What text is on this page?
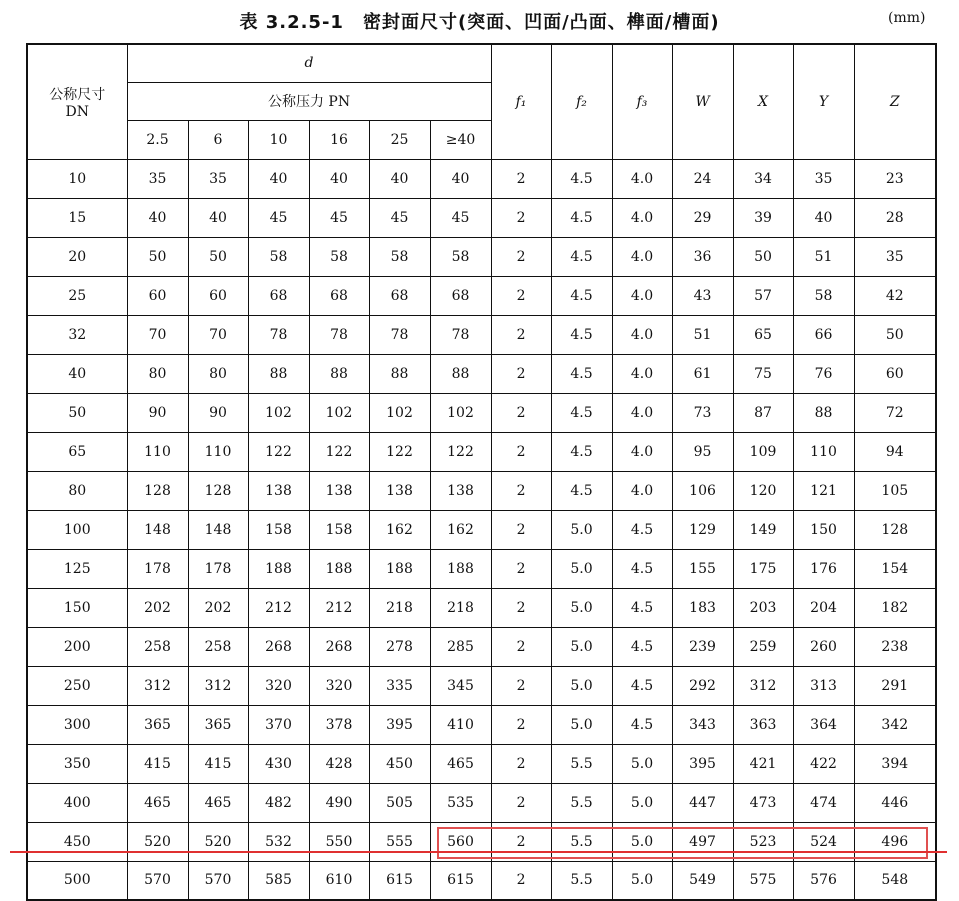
表 3.2.5-1　密封面尺寸(突面、凹面/凸面、榫面/槽面)	(mm)
公称尺寸
DN	d						f₁	f₂	f₃	W	X	Y	Z
	公称压力 PN												
	2.5	6	10	16	25	≥40							
10	35	35	40	40	40	40	2	4.5	4.0	24	34	35	23
15	40	40	45	45	45	45	2	4.5	4.0	29	39	40	28
20	50	50	58	58	58	58	2	4.5	4.0	36	50	51	35
25	60	60	68	68	68	68	2	4.5	4.0	43	57	58	42
32	70	70	78	78	78	78	2	4.5	4.0	51	65	66	50
40	80	80	88	88	88	88	2	4.5	4.0	61	75	76	60
50	90	90	102	102	102	102	2	4.5	4.0	73	87	88	72
65	110	110	122	122	122	122	2	4.5	4.0	95	109	110	94
80	128	128	138	138	138	138	2	4.5	4.0	106	120	121	105
100	148	148	158	158	162	162	2	5.0	4.5	129	149	150	128
125	178	178	188	188	188	188	2	5.0	4.5	155	175	176	154
150	202	202	212	212	218	218	2	5.0	4.5	183	203	204	182
200	258	258	268	268	278	285	2	5.0	4.5	239	259	260	238
250	312	312	320	320	335	345	2	5.0	4.5	292	312	313	291
300	365	365	370	378	395	410	2	5.0	4.5	343	363	364	342
350	415	415	430	428	450	465	2	5.5	5.0	395	421	422	394
400	465	465	482	490	505	535	2	5.5	5.0	447	473	474	446
450	520	520	532	550	555	560	2	5.5	5.0	497	523	524	496
500	570	570	585	610	615	615	2	5.5	5.0	549	575	576	548
